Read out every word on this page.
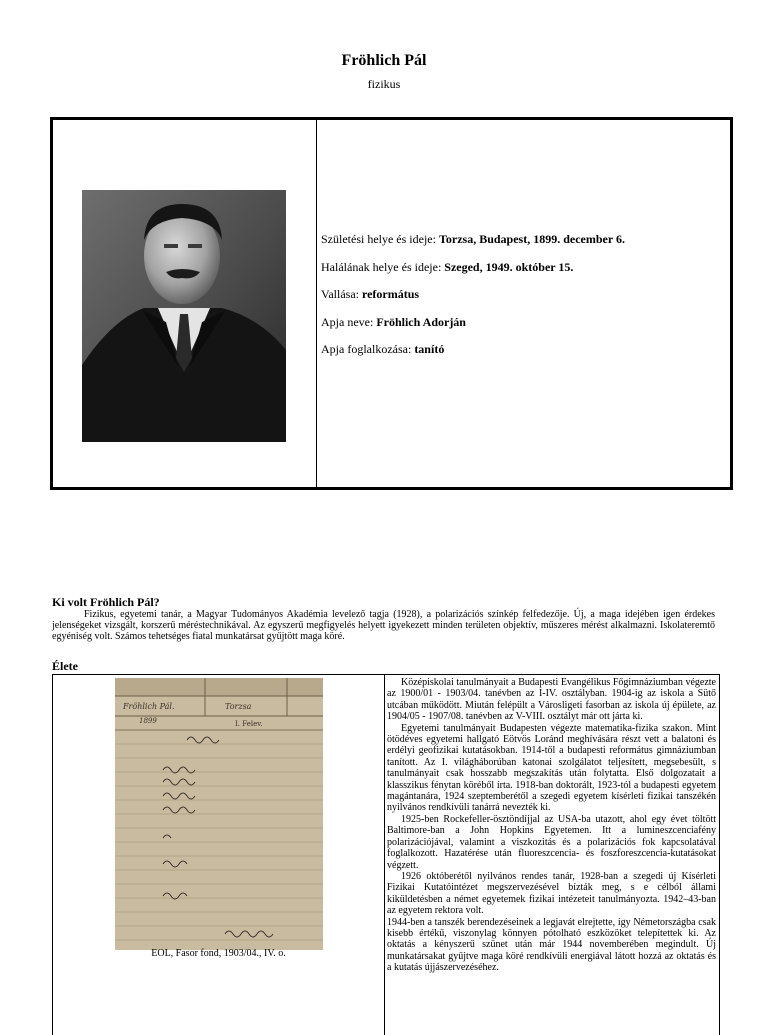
Fröhlich Pál
fizikus

Születési helye és ideje: Torzsa, Budapest, 1899. december 6.

Halálának helye és ideje: Szeged, 1949. október 15.

Vallása: református

Apja neve: Fröhlich Adorján

Apja foglalkozása: tanító

Ki volt Fröhlich Pál?

Fizikus, egyetemi tanár, a Magyar Tudományos Akadémia levelező tagja (1928), a polarizációs színkép felfedezője. Új, a maga idejében igen érdekes jelenségeket vizsgált, korszerű méréstechnikával. Az egyszerű megfigyelés helyett igyekezett minden területen objektív, műszeres mérést alkalmazni. Iskolateremtő egyéniség volt. Számos tehetséges fiatal munkatársat gyűjtött maga köré.

Élete
Fröhlich Pál.
1899
Torzsa
I. Felev.
EOL, Fasor fond, 1903/04., IV. o.

Középiskolai tanulmányait a Budapesti Evangélikus Főgimnáziumban végezte az 1900/01 - 1903/04. tanévben az I-IV. osztályban. 1904-ig az iskola a Sütő utcában működött. Miután felépült a Városligeti fasorban az iskola új épülete, az 1904/05 - 1907/08. tanévben az V-VIII. osztályt már ott járta ki.

Egyetemi tanulmányait Budapesten végezte matematika-fizika szakon. Mint ötödéves egyetemi hallgató Eötvös Loránd meghívására részt vett a balatoni és erdélyi geofizikai kutatásokban. 1914-től a budapesti református gimnáziumban tanított. Az I. világháborúban katonai szolgálatot teljesített, megsebesült, s tanulmányait csak hosszabb megszakítás után folytatta. Első dolgozatait a klasszikus fénytan köréből írta. 1918-ban doktorált, 1923-tól a budapesti egyetem magántanára, 1924 szeptemberétől a szegedi egyetem kísérleti fizikai tanszékén nyilvános rendkívüli tanárrá nevezték ki.

1925-ben Rockefeller-ösztöndíjjal az USA-ba utazott, ahol egy évet töltött Baltimore-ban a John Hopkins Egyetemen. Itt a lumineszcenciafény polarizációjával, valamint a viszkozitás és a polarizációs fok kapcsolatával foglalkozott. Hazatérése után fluoreszcencia- és foszforeszcencia-kutatásokat végzett.

1926 októberétől nyilvános rendes tanár, 1928-ban a szegedi új Kísérleti Fizikai Kutatóintézet megszervezésével bízták meg, s e célból állami kiküldetésben a német egyetemek fizikai intézeteit tanulmányozta. 1942–43-ban az egyetem rektora volt.

1944-ben a tanszék berendezéseinek a legjavát elrejtette, így Németországba csak kisebb értékű, viszonylag könnyen pótolható eszközöket telepítettek ki. Az oktatás a kényszerű szünet után már 1944 novemberében megindult. Új munkatársakat gyűjtve maga köré rendkívüli energiával látott hozzá az oktatás és a kutatás újjászervezéséhez.
